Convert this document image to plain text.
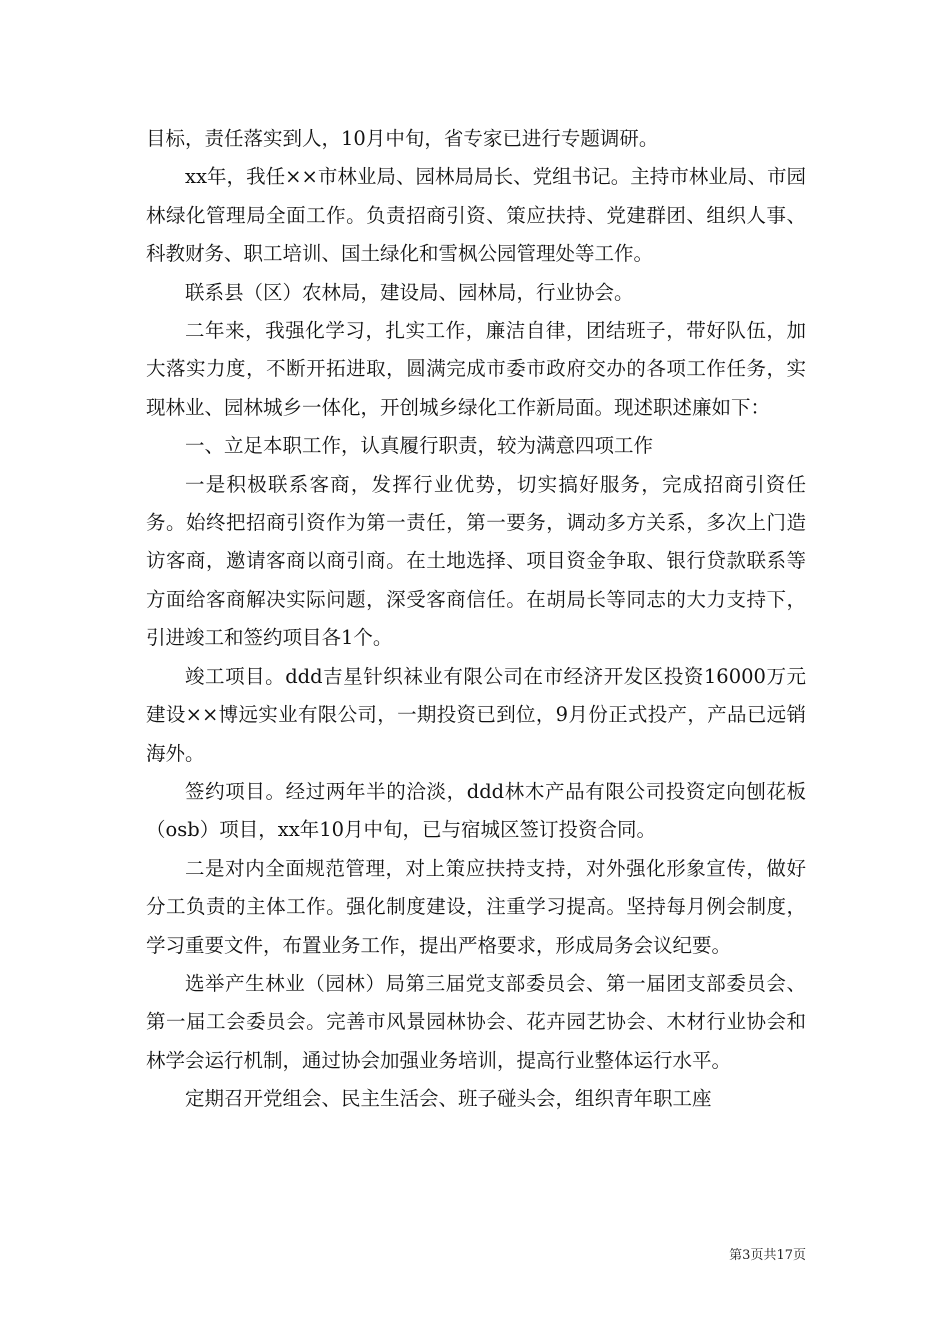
目标，责任落实到人，10月中旬，省专家已进行专题调研。

xx年，我任××市林业局、园林局局长、党组书记。主持市林业局、市园林绿化管理局全面工作。负责招商引资、策应扶持、党建群团、组织人事、科教财务、职工培训、国土绿化和雪枫公园管理处等工作。

联系县（区）农林局，建设局、园林局，行业协会。

二年来，我强化学习，扎实工作，廉洁自律，团结班子，带好队伍，加大落实力度，不断开拓进取，圆满完成市委市政府交办的各项工作任务，实现林业、园林城乡一体化，开创城乡绿化工作新局面。现述职述廉如下：

一、立足本职工作，认真履行职责，较为满意四项工作

一是积极联系客商，发挥行业优势，切实搞好服务，完成招商引资任务。始终把招商引资作为第一责任，第一要务，调动多方关系，多次上门造访客商，邀请客商以商引商。在土地选择、项目资金争取、银行贷款联系等方面给客商解决实际问题，深受客商信任。在胡局长等同志的大力支持下，引进竣工和签约项目各1个。

竣工项目。ddd吉星针织袜业有限公司在市经济开发区投资16000万元建设××博远实业有限公司，一期投资已到位，9月份正式投产，产品已远销海外。

签约项目。经过两年半的洽淡，ddd林木产品有限公司投资定向刨花板（osb）项目，xx年10月中旬，已与宿城区签订投资合同。

二是对内全面规范管理，对上策应扶持支持，对外强化形象宣传，做好分工负责的主体工作。强化制度建设，注重学习提高。坚持每月例会制度，学习重要文件，布置业务工作，提出严格要求，形成局务会议纪要。

选举产生林业（园林）局第三届党支部委员会、第一届团支部委员会、第一届工会委员会。完善市风景园林协会、花卉园艺协会、木材行业协会和林学会运行机制，通过协会加强业务培训，提高行业整体运行水平。

定期召开党组会、民主生活会、班子碰头会，组织青年职工座

第3页共17页
